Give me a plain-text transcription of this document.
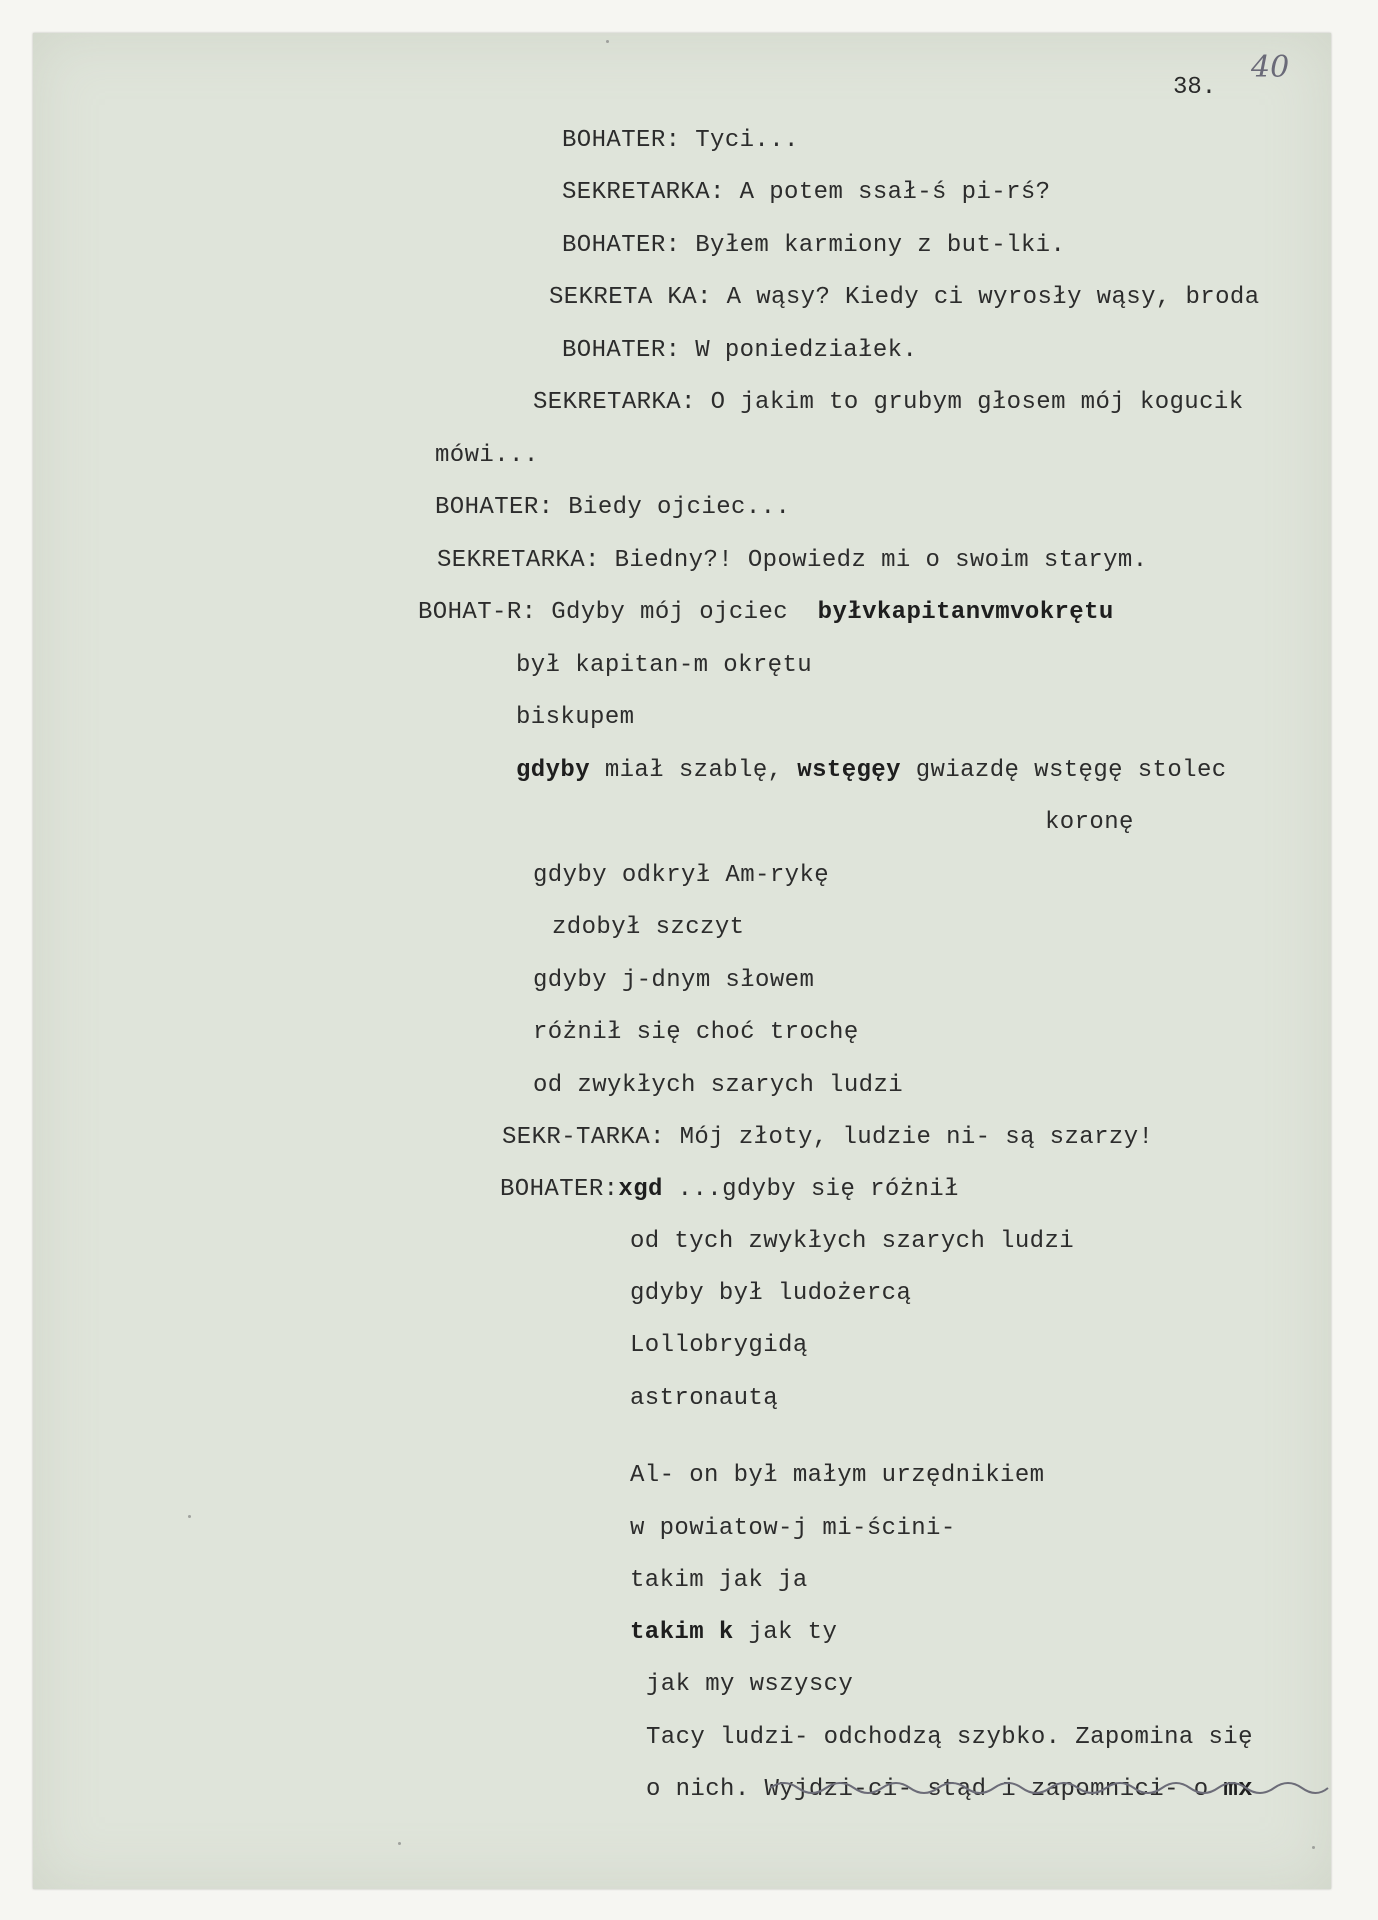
38.
40
BOHATER: Tyci...
SEKRETARKA: A potem ssał-ś pi-rś?
BOHATER: Byłem karmiony z but-lki.
SEKRETA KA: A wąsy? Kiedy ci wyrosły wąsy, broda
BOHATER: W poniedziałek.
SEKRETARKA: O jakim to grubym głosem mój kogucik
mówi...
BOHATER: Biedy ojciec...
SEKRETARKA: Biedny?! Opowiedz mi o swoim starym.
BOHAT-R: Gdyby mój ojciec byłvkapitanvmvokrętu
był kapitan-m okrętu
biskupem
gdyby miał szablę, wstęgęy gwiazdę wstęgę stolec
koronę
gdyby odkrył Am-rykę
zdobył szczyt
gdyby j-dnym słowem
różnił się choć trochę
od zwykłych szarych ludzi
SEKR-TARKA: Mój złoty, ludzie ni- są szarzy!
BOHATER:xgd ...gdyby się różnił
od tych zwykłych szarych ludzi
gdyby był ludożercą
Lollobrygidą
astronautą
Al- on był małym urzędnikiem
w powiatow-j mi-ścini-
takim jak ja
takim k jak ty
jak my wszyscy
Tacy ludzi- odchodzą szybko. Zapomina się
o nich. Wyjdzi-ci- stąd i zapomnici- o mx
